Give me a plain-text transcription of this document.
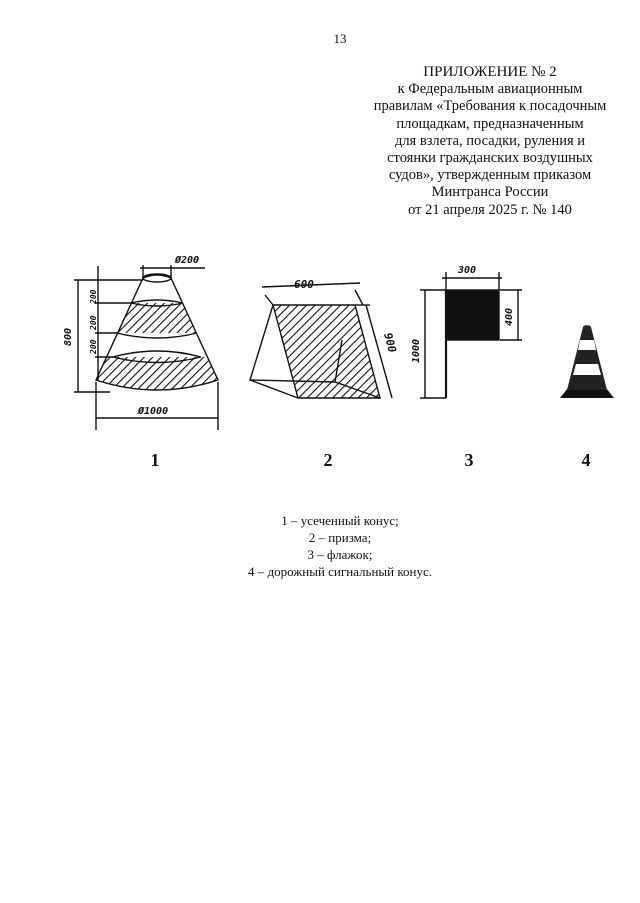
13
ПРИЛОЖЕНИЕ № 2
к Федеральным авиационным
правилам «Требования к посадочным
площадкам, предназначенным
для взлета, посадки, руления и
стоянки гражданских воздушных
судов», утвержденным приказом
Минтранса России
от 21 апреля 2025 г. № 140
Ø200
Ø1000
800
200
200
200
600
900
300
400
1000
1	2	3	4
1 – усеченный конус;
2 – призма;
3 – флажок;
4 – дорожный сигнальный конус.
